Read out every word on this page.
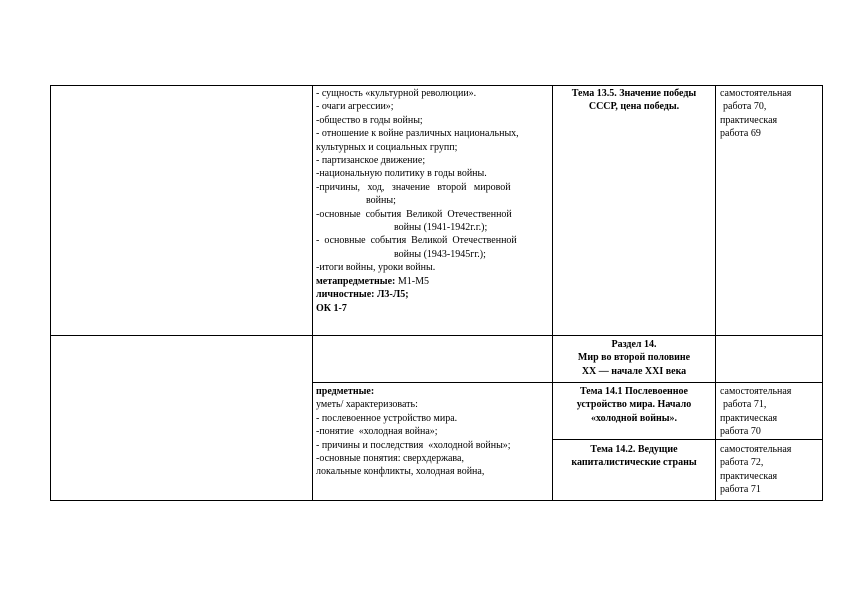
- сущность «культурной революции».
- очаги агрессии»;
-общество в годы войны;
- отношение к войне различных национальных,
культурных и социальных групп;
- партизанское движение;
-национальную политику в годы войны.
-причины,   ход,   значение   второй   мировой
войны;
-основные  события  Великой  Отечественной
войны (1941-1942г.г.);
-  основные  события  Великой  Отечественной
войны (1943-1945гг.);
-итоги войны, уроки войны.
метапредметные: М1-М5
личностные: Л3-Л5;
ОК 1-7
Тема 13.5. Значение победы
СССР, цена победы.
самостоятельная
работа 70,
практическая
работа 69
Раздел 14.
Мир во второй половине
XX — начале XXI века
предметные:
уметь/ характеризовать:
- послевоенное устройство мира.
-понятие  «холодная война»;
- причины и последствия  «холодной войны»;
-основные понятия: сверхдержава,
локальные конфликты, холодная война,
Тема 14.1 Послевоенное
устройство мира. Начало
«холодной войны».
самостоятельная
работа 71,
практическая
работа 70
Тема 14.2. Ведущие
капиталистические страны
самостоятельная
работа 72,
практическая
работа 71
